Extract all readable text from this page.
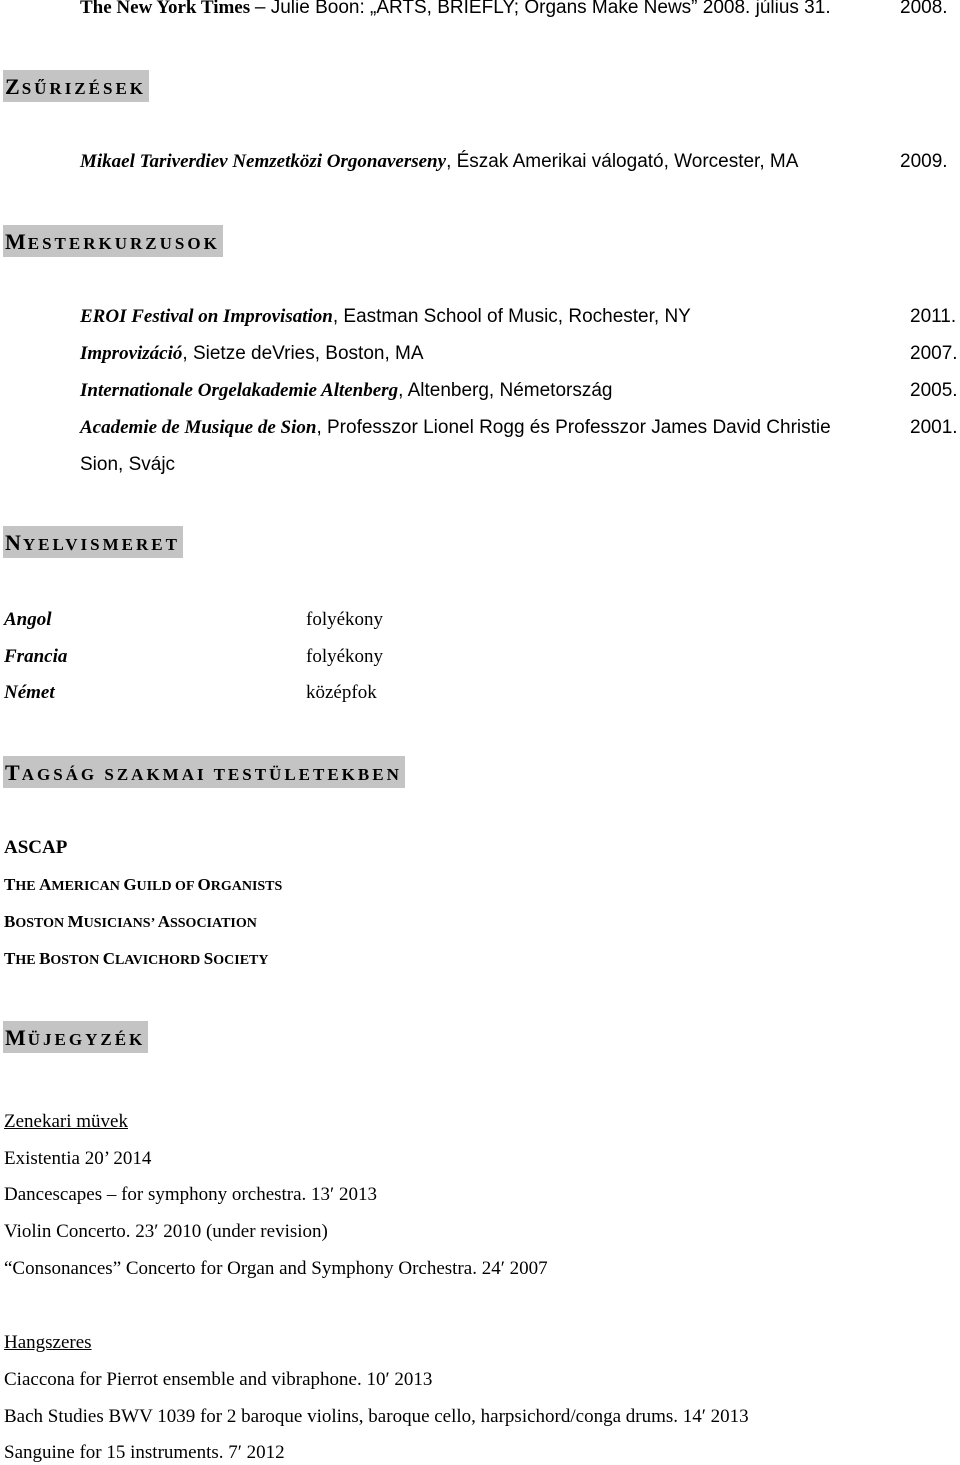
The New York Times – Julie Boon: „ARTS, BRIEFLY; Organs Make News” 2008. július 31.	2008.
ZSŰRIZÉSEK
Mikael Tariverdiev Nemzetközi Orgonaverseny, Észak Amerikai válogató, Worcester, MA	2009.
MESTERKURZUSOK
EROI Festival on Improvisation, Eastman School of Music, Rochester, NY	2011.
Improvizáció, Sietze deVries, Boston, MA	2007.
Internationale Orgelakademie Altenberg, Altenberg, Németország	2005.
Academie de Musique de Sion, Professzor Lionel Rogg és Professzor James David Christie	2001.
Sion, Svájc
NYELVISMERET
Angol	folyékony
Francia	folyékony
Német	középfok
TAGSÁG SZAKMAI TESTÜLETEKBEN
ASCAP
THE AMERICAN GUILD OF ORGANISTS
BOSTON MUSICIANS’ ASSOCIATION
THE BOSTON CLAVICHORD SOCIETY
MÜJEGYZÉK
Zenekari müvek
Existentia 20’ 2014
Dancescapes – for symphony orchestra. 13′ 2013
Violin Concerto. 23′ 2010 (under revision)
“Consonances” Concerto for Organ and Symphony Orchestra. 24′ 2007
Hangszeres
Ciaccona for Pierrot ensemble and vibraphone. 10′ 2013
Bach Studies BWV 1039 for 2 baroque violins, baroque cello, harpsichord/conga drums. 14′ 2013
Sanguine for 15 instruments. 7′ 2012
